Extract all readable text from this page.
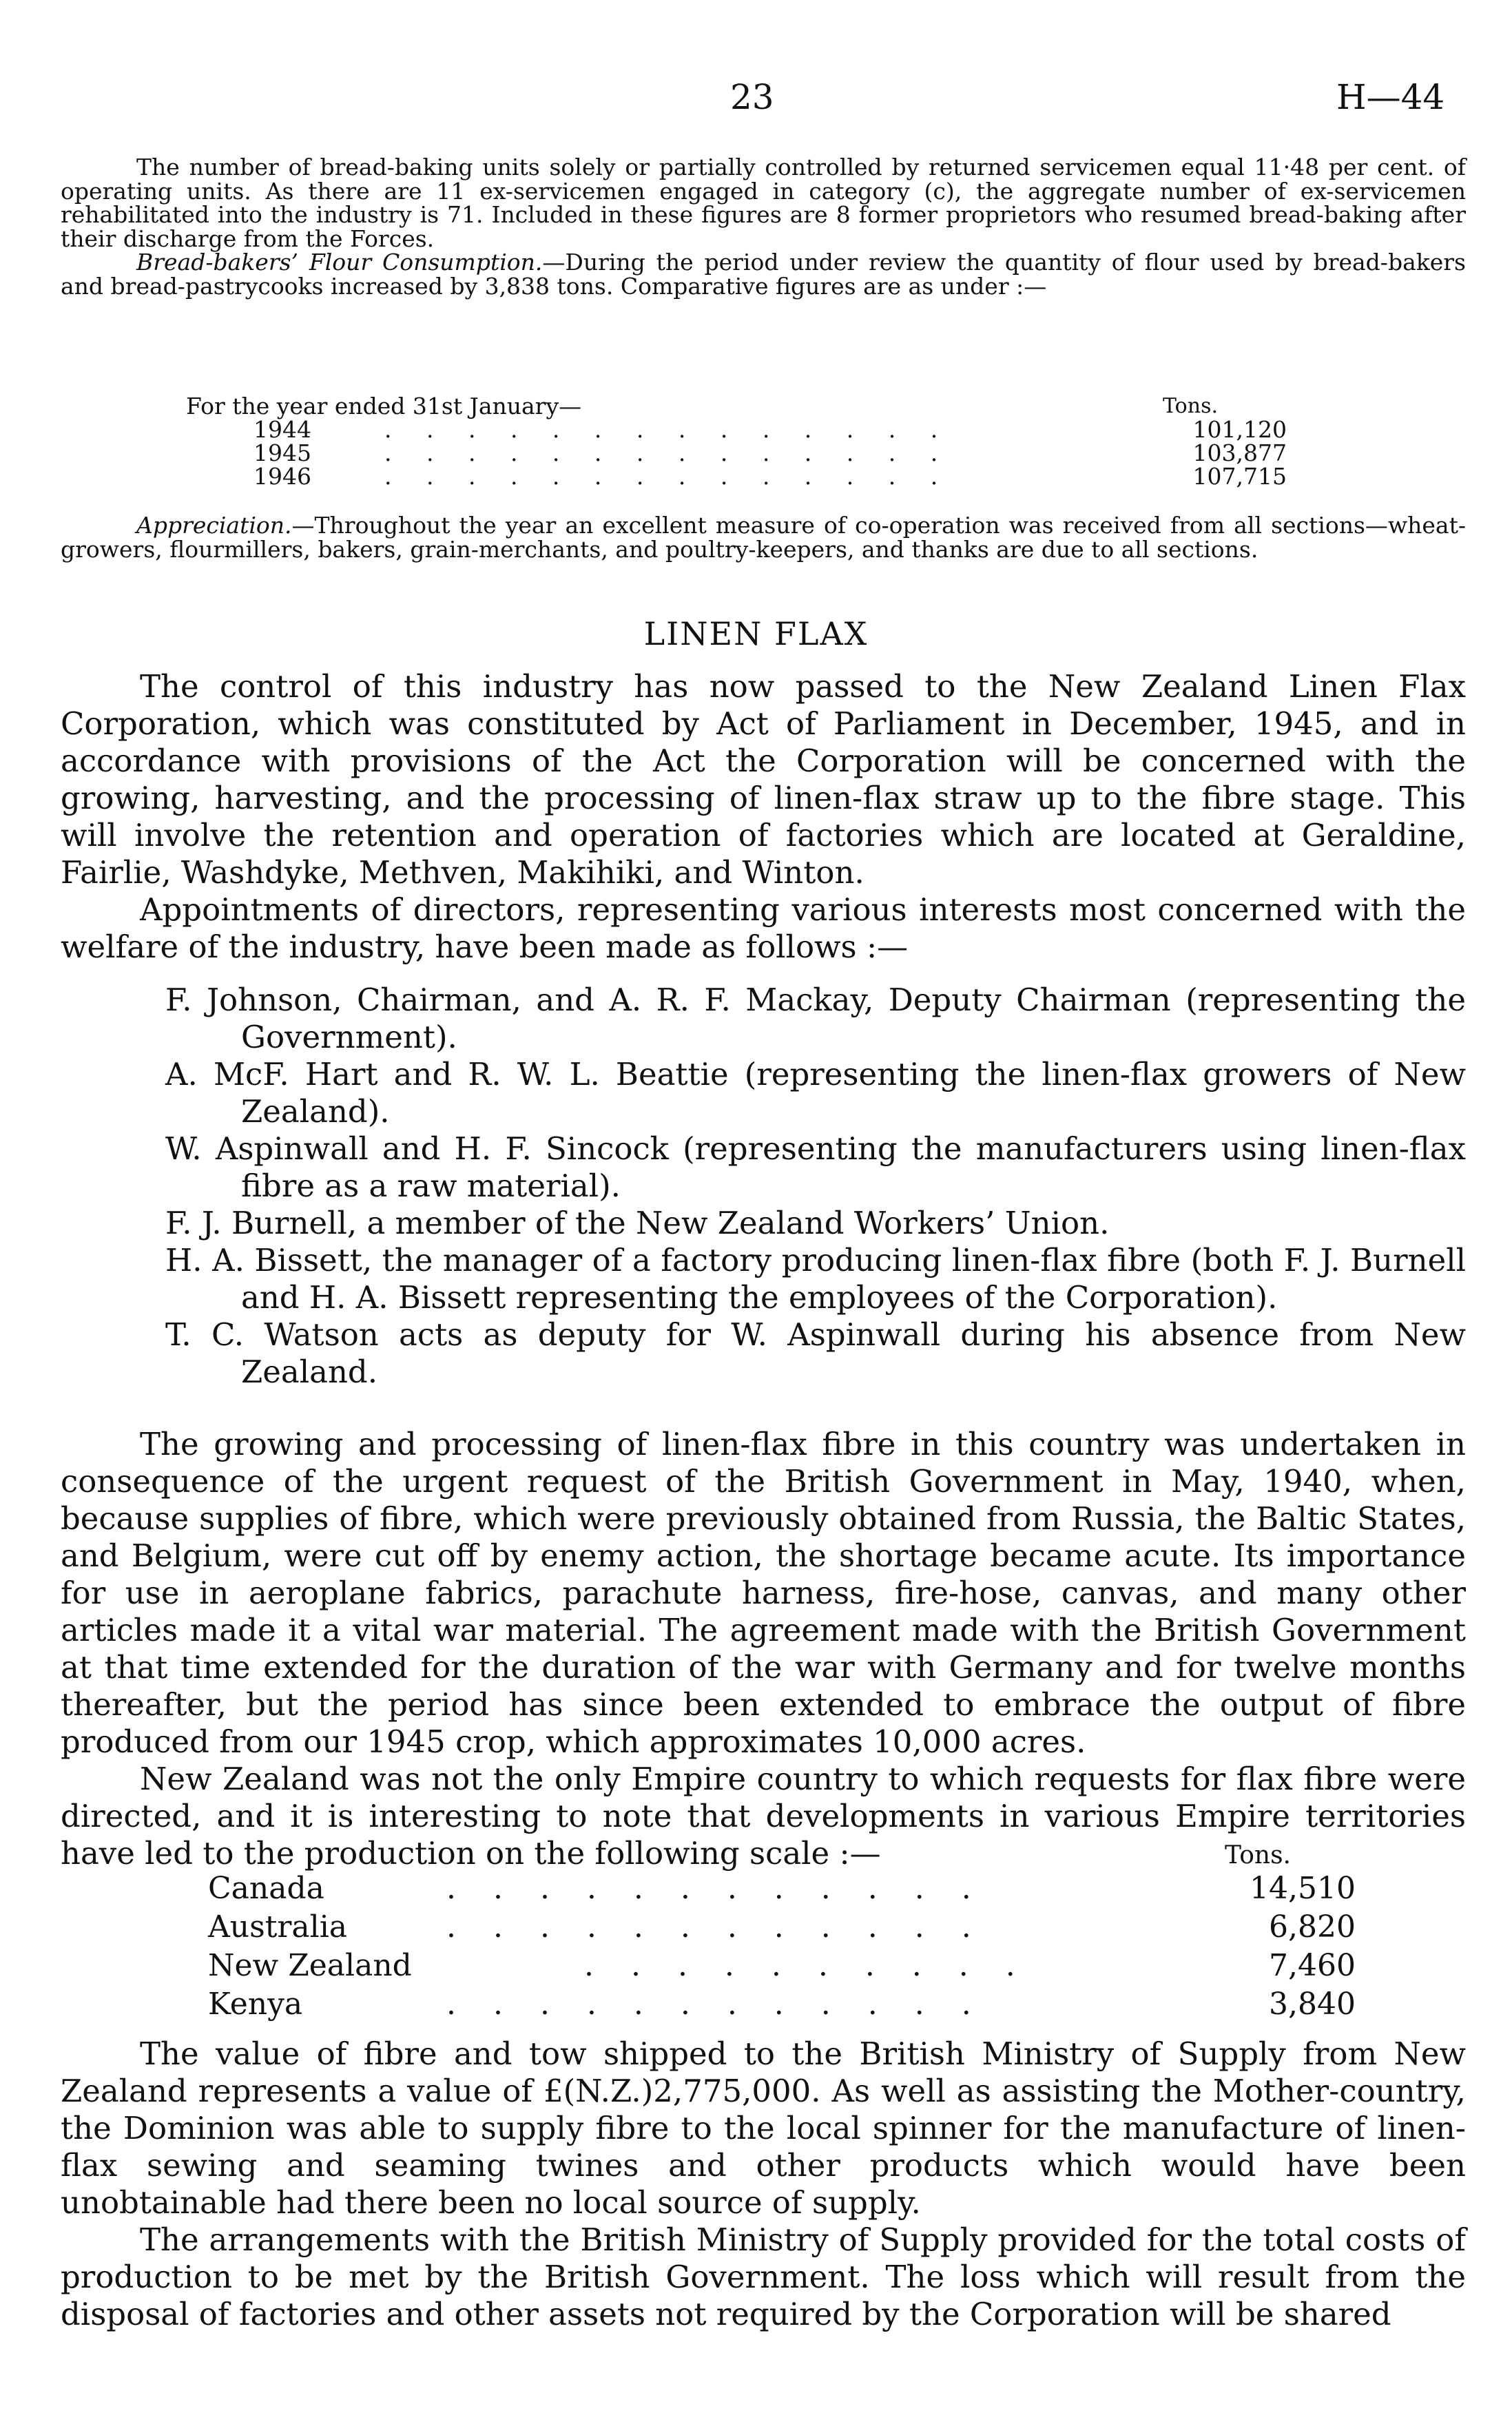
23	H—44

The number of bread-baking units solely or partially controlled by returned servicemen equal 11·48 per cent. of operating units. As there are 11 ex-servicemen engaged in category (c), the aggregate number of ex-servicemen rehabilitated into the industry is 71. Included in these figures are 8 former proprietors who resumed bread-baking after their discharge from the Forces.

Bread-bakers’ Flour Consumption.—During the period under review the quantity of flour used by bread-bakers and bread-pastrycooks increased by 3,838 tons. Comparative figures are as under :—

For the year ended 31st January—	Tons.
1944	. . . . . . . . . . . . . .	101,120
1945	. . . . . . . . . . . . . .	103,877
1946	. . . . . . . . . . . . . .	107,715

Appreciation.—Throughout the year an excellent measure of co-operation was received from all sections—wheat-growers, flourmillers, bakers, grain-merchants, and poultry-keepers, and thanks are due to all sections.

LINEN FLAX

The control of this industry has now passed to the New Zealand Linen Flax Corporation, which was constituted by Act of Parliament in December, 1945, and in accordance with provisions of the Act the Corporation will be concerned with the growing, harvesting, and the processing of linen-flax straw up to the fibre stage. This will involve the retention and operation of factories which are located at Geraldine, Fairlie, Washdyke, Methven, Makihiki, and Winton.

Appointments of directors, representing various interests most concerned with the welfare of the industry, have been made as follows :—

F. Johnson, Chairman, and A. R. F. Mackay, Deputy Chairman (representing the Government).

A. McF. Hart and R. W. L. Beattie (representing the linen-flax growers of New Zealand).

W. Aspinwall and H. F. Sincock (representing the manufacturers using linen-flax fibre as a raw material).

F. J. Burnell, a member of the New Zealand Workers’ Union.

H. A. Bissett, the manager of a factory producing linen-flax fibre (both F. J. Burnell and H. A. Bissett representing the employees of the Corporation).

T. C. Watson acts as deputy for W. Aspinwall during his absence from New Zealand.

The growing and processing of linen-flax fibre in this country was undertaken in consequence of the urgent request of the British Government in May, 1940, when, because supplies of fibre, which were previously obtained from Russia, the Baltic States, and Belgium, were cut off by enemy action, the shortage became acute. Its importance for use in aeroplane fabrics, parachute harness, fire-hose, canvas, and many other articles made it a vital war material. The agreement made with the British Government at that time extended for the duration of the war with Germany and for twelve months thereafter, but the period has since been extended to embrace the output of fibre produced from our 1945 crop, which approximates 10,000 acres.

New Zealand was not the only Empire country to which requests for flax fibre were directed, and it is interesting to note that developments in various Empire territories have led to the production on the following scale :—	Tons.
Canada	. . . . . . . . . . . .	14,510
Australia	. . . . . . . . . . . .	6,820
New Zealand	. . . . . . . . . .	7,460
Kenya	. . . . . . . . . . . .	3,840

The value of fibre and tow shipped to the British Ministry of Supply from New Zealand represents a value of £(N.Z.)2,775,000. As well as assisting the Mother-country, the Dominion was able to supply fibre to the local spinner for the manufacture of linen-flax sewing and seaming twines and other products which would have been unobtainable had there been no local source of supply.

The arrangements with the British Ministry of Supply provided for the total costs of production to be met by the British Government. The loss which will result from the disposal of factories and other assets not required by the Corporation will be shared
